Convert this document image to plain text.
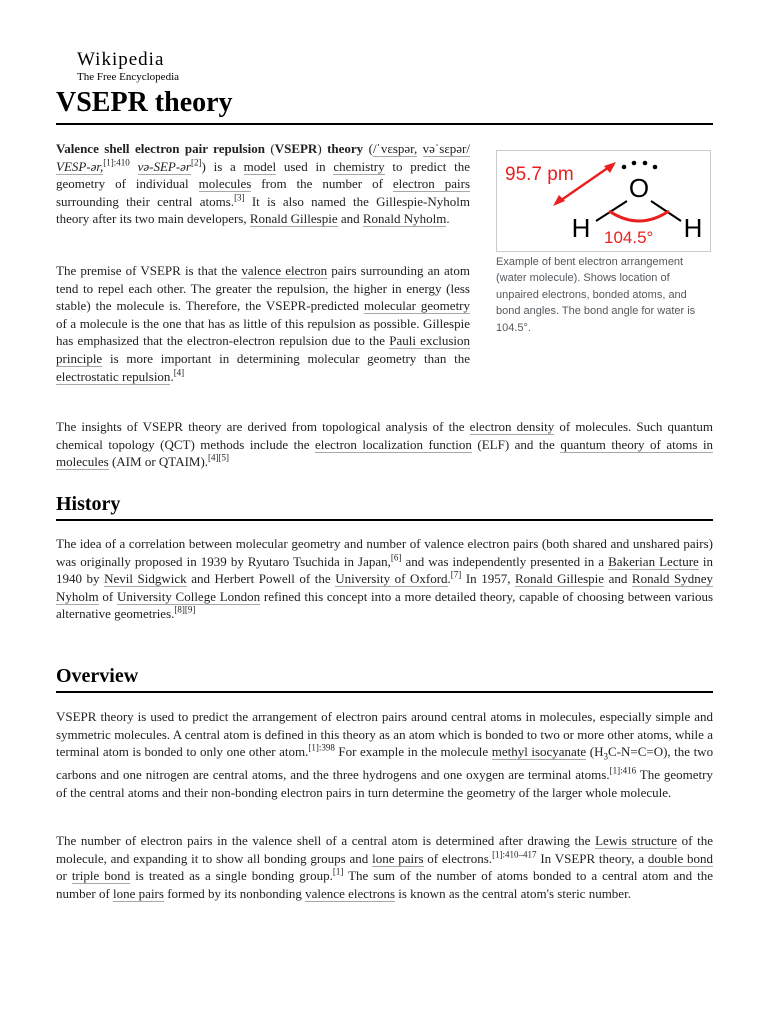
Wikipedia
The Free Encyclopedia
VSEPR theory

Valence shell electron pair repulsion (VSEPR) theory (/ˈvɛspər, vəˈsɛpər/ VESP-ər,$^{[1]:410}$ və-SEP-ər[2]) is a model used in chemistry to predict the geometry of individual molecules from the number of electron pairs surrounding their central atoms.[3] It is also named the Gillespie-Nyholm theory after its two main developers, Ronald Gillespie and Ronald Nyholm.

The premise of VSEPR is that the valence electron pairs surrounding an atom tend to repel each other. The greater the repulsion, the higher in energy (less stable) the molecule is. Therefore, the VSEPR-predicted molecular geometry of a molecule is the one that has as little of this repulsion as possible. Gillespie has emphasized that the electron-electron repulsion due to the Pauli exclusion principle is more important in determining molecular geometry than the electrostatic repulsion.[4]

95.7 pm O
H	H
104.5°
Example of bent electron arrangement (water molecule). Shows location of unpaired electrons, bonded atoms, and bond angles. The bond angle for water is 104.5°.

The insights of VSEPR theory are derived from topological analysis of the electron density of molecules. Such quantum chemical topology (QCT) methods include the electron localization function (ELF) and the quantum theory of atoms in molecules (AIM or QTAIM).[4][5]

History

The idea of a correlation between molecular geometry and number of valence electron pairs (both shared and unshared pairs) was originally proposed in 1939 by Ryutaro Tsuchida in Japan,[6] and was independently presented in a Bakerian Lecture in 1940 by Nevil Sidgwick and Herbert Powell of the University of Oxford.[7] In 1957, Ronald Gillespie and Ronald Sydney Nyholm of University College London refined this concept into a more detailed theory, capable of choosing between various alternative geometries.[8][9]

Overview

VSEPR theory is used to predict the arrangement of electron pairs around central atoms in molecules, especially simple and symmetric molecules. A central atom is defined in this theory as an atom which is bonded to two or more other atoms, while a terminal atom is bonded to only one other atom.$^{[1]:398}$ For example in the molecule methyl isocyanate $(H_3C-N=C=O)$, the two carbons and one nitrogen are central atoms, and the three hydrogens and one oxygen are terminal atoms.$^{[1]:416}$ The geometry of the central atoms and their non-bonding electron pairs in turn determine the geometry of the larger whole molecule.

The number of electron pairs in the valence shell of a central atom is determined after drawing the Lewis structure of the molecule, and expanding it to show all bonding groups and lone pairs of electrons.$^{[1]:410-417}$ In VSEPR theory, a double bond or triple bond is treated as a single bonding group.[1] The sum of the number of atoms bonded to a central atom and the number of lone pairs formed by its nonbonding valence electrons is known as the central atom's steric number.
